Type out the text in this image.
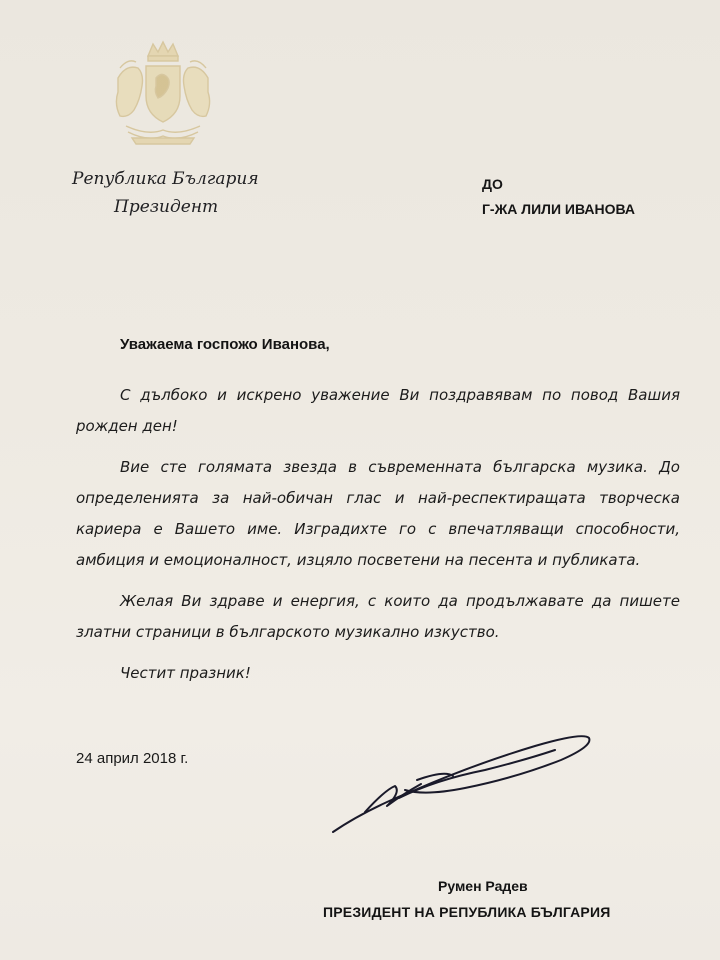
Република България
Президент
ДО
Г-ЖА ЛИЛИ ИВАНОВА
Уважаема госпожо Иванова,

С дълбоко и искрено уважение Ви поздравявам по повод Вашия рожден ден!

Вие сте голямата звезда в съвременната българска музика. До определенията за най-обичан глас и най-респектиращата творческа кариера е Вашето име. Изградихте го с впечатляващи способности, амбиция и емоционалност, изцяло посветени на песента и публиката.

Желая Ви здраве и енергия, с които да продължавате да пишете златни страници в българското музикално изкуство.

Честит празник!

24 април 2018 г.
Румен Радев
ПРЕЗИДЕНТ НА РЕПУБЛИКА БЪЛГАРИЯ
